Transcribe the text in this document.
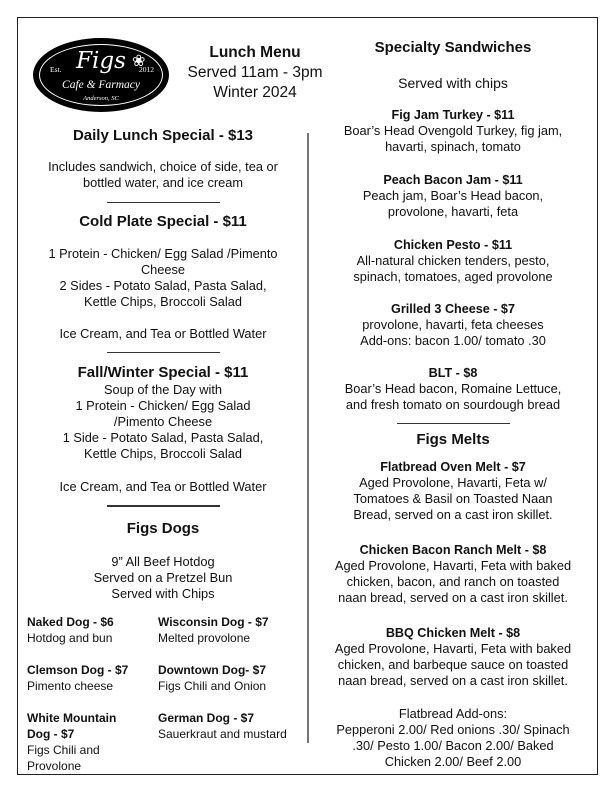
Figs ❀
Est.	2012
Cafe & Farmacy
Anderson, SC
Lunch Menu
Served 11am - 3pm
Winter 2024
Daily Lunch Special - $13
Includes sandwich, choice of side, tea or
bottled water, and ice cream
Cold Plate Special - $11
1 Protein - Chicken/ Egg Salad /Pimento
Cheese
2 Sides - Potato Salad, Pasta Salad,
Kettle Chips, Broccoli Salad
Ice Cream, and Tea or Bottled Water
Fall/Winter Special - $11
Soup of the Day with
1 Protein - Chicken/ Egg Salad
/Pimento Cheese
1 Side - Potato Salad, Pasta Salad,
Kettle Chips, Broccoli Salad
Ice Cream, and Tea or Bottled Water
Figs Dogs
9” All Beef Hotdog
Served on a Pretzel Bun
Served with Chips
Naked Dog - $6
Hotdog and bun
Wisconsin Dog - $7
Melted provolone
Clemson Dog - $7
Pimento cheese
Downtown Dog- $7
Figs Chili and Onion
White Mountain
Dog - $7
Figs Chili and
Provolone
German Dog - $7
Sauerkraut and mustard
Specialty Sandwiches
Served with chips
Fig Jam Turkey - $11
Boar’s Head Ovengold Turkey, fig jam,
havarti, spinach, tomato
Peach Bacon Jam - $11
Peach jam, Boar’s Head bacon,
provolone, havarti, feta
Chicken Pesto - $11
All-natural chicken tenders, pesto,
spinach, tomatoes, aged provolone
Grilled 3 Cheese - $7
provolone, havarti, feta cheeses
Add-ons: bacon 1.00/ tomato .30
BLT - $8
Boar’s Head bacon, Romaine Lettuce,
and fresh tomato on sourdough bread
Figs Melts
Flatbread Oven Melt - $7
Aged Provolone, Havarti, Feta w/
Tomatoes & Basil on Toasted Naan
Bread, served on a cast iron skillet.
Chicken Bacon Ranch Melt - $8
Aged Provolone, Havarti, Feta with baked
chicken, bacon, and ranch on toasted
naan bread, served on a cast iron skillet.
BBQ Chicken Melt - $8
Aged Provolone, Havarti, Feta with baked
chicken, and barbeque sauce on toasted
naan bread, served on a cast iron skillet.
Flatbread Add-ons:
Pepperoni 2.00/ Red onions .30/ Spinach
.30/ Pesto 1.00/ Bacon 2.00/ Baked
Chicken 2.00/ Beef 2.00
